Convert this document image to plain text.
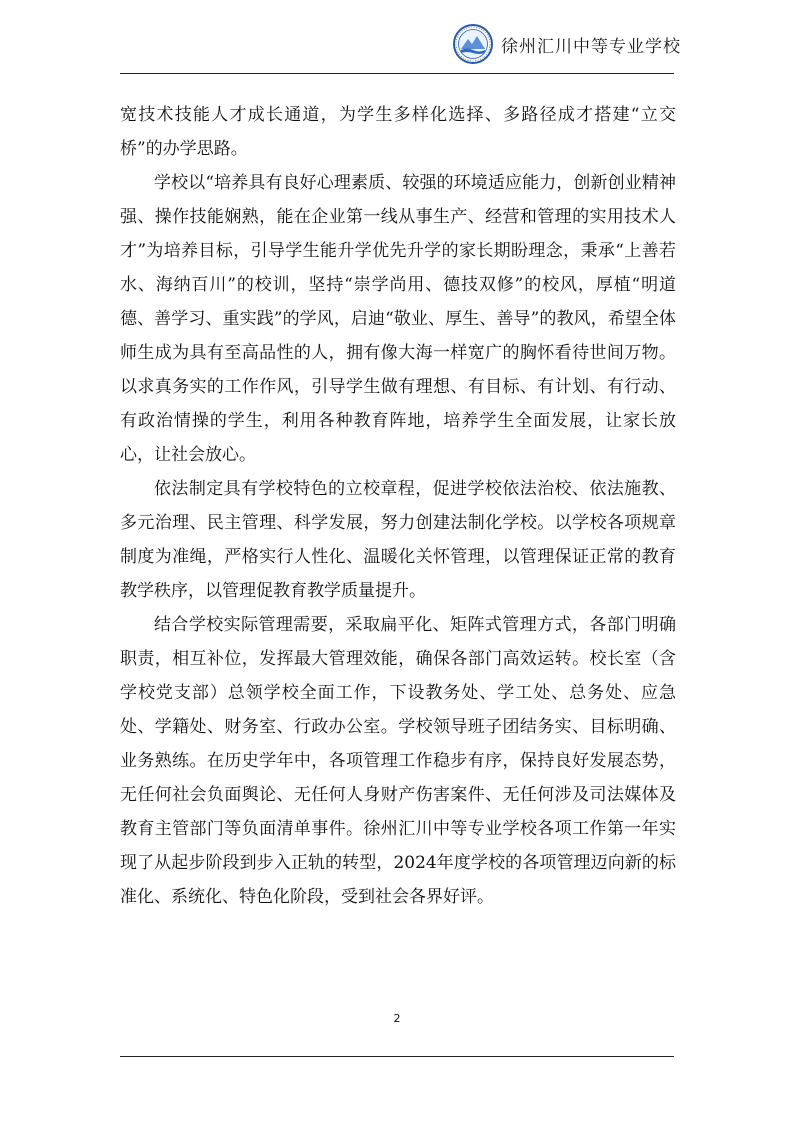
徐州汇川中等专业学校

宽技术技能人才成长通道，为学生多样化选择、多路径成才搭建“立交桥”的办学思路。

学校以“培养具有良好心理素质、较强的环境适应能力，创新创业精神强、操作技能娴熟，能在企业第一线从事生产、经营和管理的实用技术人才”为培养目标，引导学生能升学优先升学的家长期盼理念，秉承“上善若水、海纳百川”的校训，坚持“崇学尚用、德技双修”的校风，厚植“明道德、善学习、重实践”的学风，启迪“敬业、厚生、善导”的教风，希望全体师生成为具有至高品性的人，拥有像大海一样宽广的胸怀看待世间万物。以求真务实的工作作风，引导学生做有理想、有目标、有计划、有行动、有政治情操的学生，利用各种教育阵地，培养学生全面发展，让家长放心，让社会放心。

依法制定具有学校特色的立校章程，促进学校依法治校、依法施教、多元治理、民主管理、科学发展，努力创建法制化学校。以学校各项规章制度为准绳，严格实行人性化、温暖化关怀管理，以管理保证正常的教育教学秩序，以管理促教育教学质量提升。

结合学校实际管理需要，采取扁平化、矩阵式管理方式，各部门明确职责，相互补位，发挥最大管理效能，确保各部门高效运转。校长室（含学校党支部）总领学校全面工作，下设教务处、学工处、总务处、应急处、学籍处、财务室、行政办公室。学校领导班子团结务实、目标明确、业务熟练。在历史学年中，各项管理工作稳步有序，保持良好发展态势，无任何社会负面舆论、无任何人身财产伤害案件、无任何涉及司法媒体及教育主管部门等负面清单事件。徐州汇川中等专业学校各项工作第一年实现了从起步阶段到步入正轨的转型，2024年度学校的各项管理迈向新的标准化、系统化、特色化阶段，受到社会各界好评。

2
